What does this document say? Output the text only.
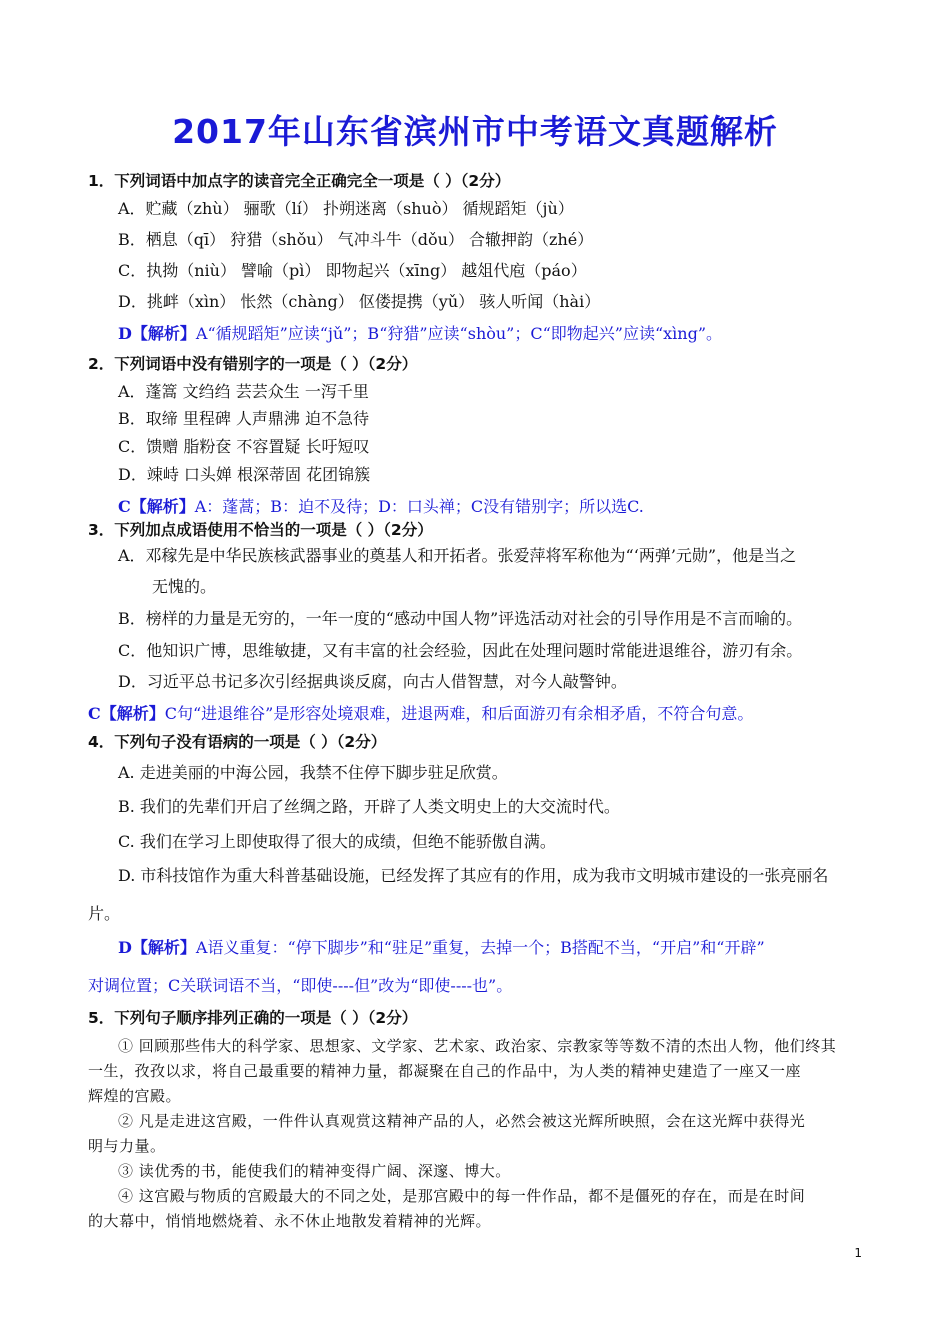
2017年山东省滨州市中考语文真题解析
1．下列词语中加点字的读音完全正确完全一项是（ ）（2分）
A．贮藏（zhù） 骊歌（lí） 扑朔迷离（shuò） 循规蹈矩（jù）
B．栖息（qī） 狩猎（shǒu） 气冲斗牛（dǒu） 合辙押韵（zhé）
C．执拗（niù） 譬喻（pì） 即物起兴（xīng） 越俎代庖（páo）
D．挑衅（xìn） 怅然（chàng） 伛偻提携（yǔ） 骇人听闻（hài）
D【解析】A“循规蹈矩”应读“jǔ”；B“狩猎”应读“shòu”；C“即物起兴”应读“xìng”。
2．下列词语中没有错别字的一项是（ ）（2分）
A．蓬篙 文绉绉 芸芸众生 一泻千里
B．取缔 里程碑 人声鼎沸 迫不急待
C．馈赠 脂粉奁 不容置疑 长吁短叹
D．竦峙 口头婵 根深蒂固 花团锦簇
C【解析】A：蓬蒿；B：迫不及待；D：口头禅；C没有错别字；所以选C.
3．下列加点成语使用不恰当的一项是（ ）（2分）
A．邓稼先是中华民族核武器事业的奠基人和开拓者。张爱萍将军称他为“‘两弹’元勋”，他是当之
无愧的。
B．榜样的力量是无穷的，一年一度的“感动中国人物”评选活动对社会的引导作用是不言而喻的。
C．他知识广博，思维敏捷，又有丰富的社会经验，因此在处理问题时常能进退维谷，游刃有余。
D．习近平总书记多次引经据典谈反腐，向古人借智慧，对今人敲警钟。
C【解析】C句“进退维谷”是形容处境艰难，进退两难，和后面游刃有余相矛盾，不符合句意。
4．下列句子没有语病的一项是（ ）（2分）
A. 走进美丽的中海公园，我禁不住停下脚步驻足欣赏。
B. 我们的先辈们开启了丝绸之路，开辟了人类文明史上的大交流时代。
C. 我们在学习上即使取得了很大的成绩，但绝不能骄傲自满。
D. 市科技馆作为重大科普基础设施，已经发挥了其应有的作用，成为我市文明城市建设的一张亮丽名
片。
D【解析】A语义重复：“停下脚步”和“驻足”重复，去掉一个；B搭配不当，“开启”和“开辟”
对调位置；C关联词语不当，“即使----但”改为“即使----也”。
5．下列句子顺序排列正确的一项是（ ）（2分）
① 回顾那些伟大的科学家、思想家、文学家、艺术家、政治家、宗教家等等数不清的杰出人物，他们终其
一生，孜孜以求，将自己最重要的精神力量，都凝聚在自己的作品中，为人类的精神史建造了一座又一座
辉煌的宫殿。
② 凡是走进这宫殿，一件件认真观赏这精神产品的人，必然会被这光辉所映照，会在这光辉中获得光
明与力量。
③ 读优秀的书，能使我们的精神变得广阔、深邃、博大。
④ 这宫殿与物质的宫殿最大的不同之处，是那宫殿中的每一件作品，都不是僵死的存在，而是在时间
的大幕中，悄悄地燃烧着、永不休止地散发着精神的光辉。
1
